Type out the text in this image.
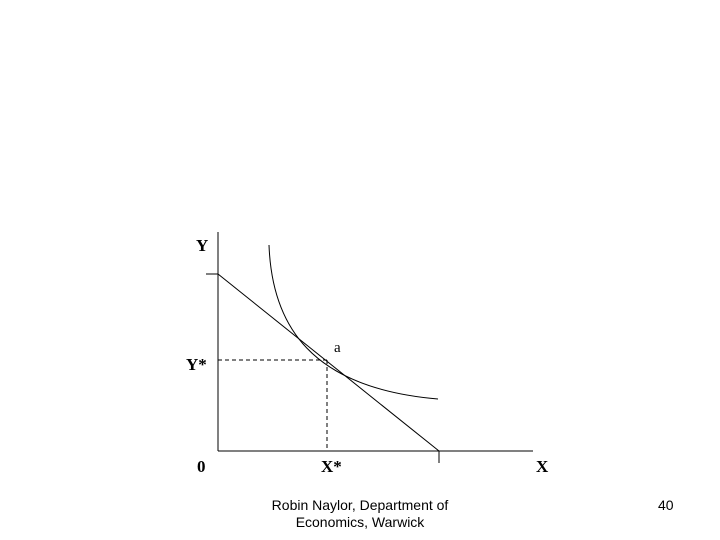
Y
Y*
0	X*	X
a
Robin Naylor, Department of
Economics, Warwick
40
